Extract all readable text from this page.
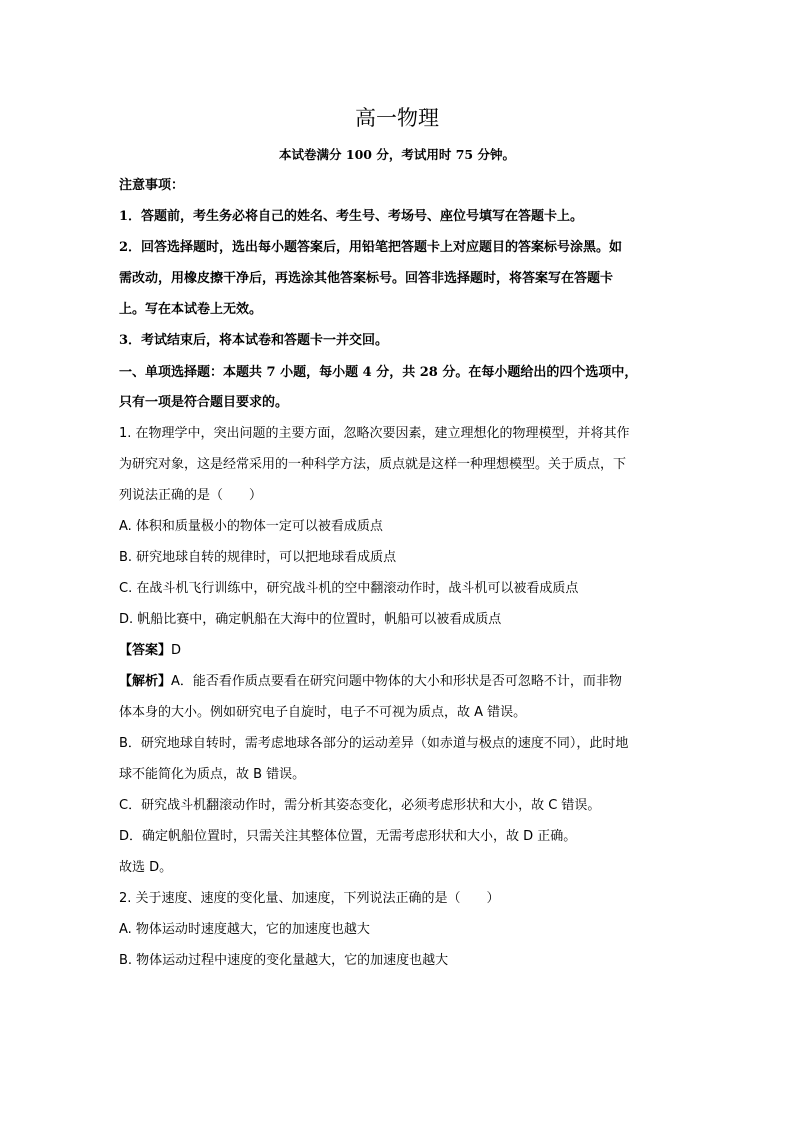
高一物理
本试卷满分 100 分，考试用时 75 分钟。
注意事项：
1．答题前，考生务必将自己的姓名、考生号、考场号、座位号填写在答题卡上。
2．回答选择题时，选出每小题答案后，用铅笔把答题卡上对应题目的答案标号涂黑。如
需改动，用橡皮擦干净后，再选涂其他答案标号。回答非选择题时，将答案写在答题卡
上。写在本试卷上无效。
3．考试结束后，将本试卷和答题卡一并交回。
一、单项选择题：本题共 7 小题，每小题 4 分，共 28 分。在每小题给出的四个选项中，
只有一项是符合题目要求的。
1. 在物理学中，突出问题的主要方面，忽略次要因素，建立理想化的物理模型，并将其作
为研究对象，这是经常采用的一种科学方法，质点就是这样一种理想模型。关于质点，下
列说法正确的是（　　）
A. 体积和质量极小的物体一定可以被看成质点
B. 研究地球自转的规律时，可以把地球看成质点
C. 在战斗机飞行训练中，研究战斗机的空中翻滚动作时，战斗机可以被看成质点
D. 帆船比赛中，确定帆船在大海中的位置时，帆船可以被看成质点
【答案】D
【解析】A．能否看作质点要看在研究问题中物体的大小和形状是否可忽略不计，而非物
体本身的大小。例如研究电子自旋时，电子不可视为质点，故 A 错误。
B．研究地球自转时，需考虑地球各部分的运动差异（如赤道与极点的速度不同），此时地
球不能简化为质点，故 B 错误。
C．研究战斗机翻滚动作时，需分析其姿态变化，必须考虑形状和大小，故 C 错误。
D．确定帆船位置时，只需关注其整体位置，无需考虑形状和大小，故 D 正确。
故选 D。
2. 关于速度、速度的变化量、加速度，下列说法正确的是（　　）
A. 物体运动时速度越大，它的加速度也越大
B. 物体运动过程中速度的变化量越大，它的加速度也越大
